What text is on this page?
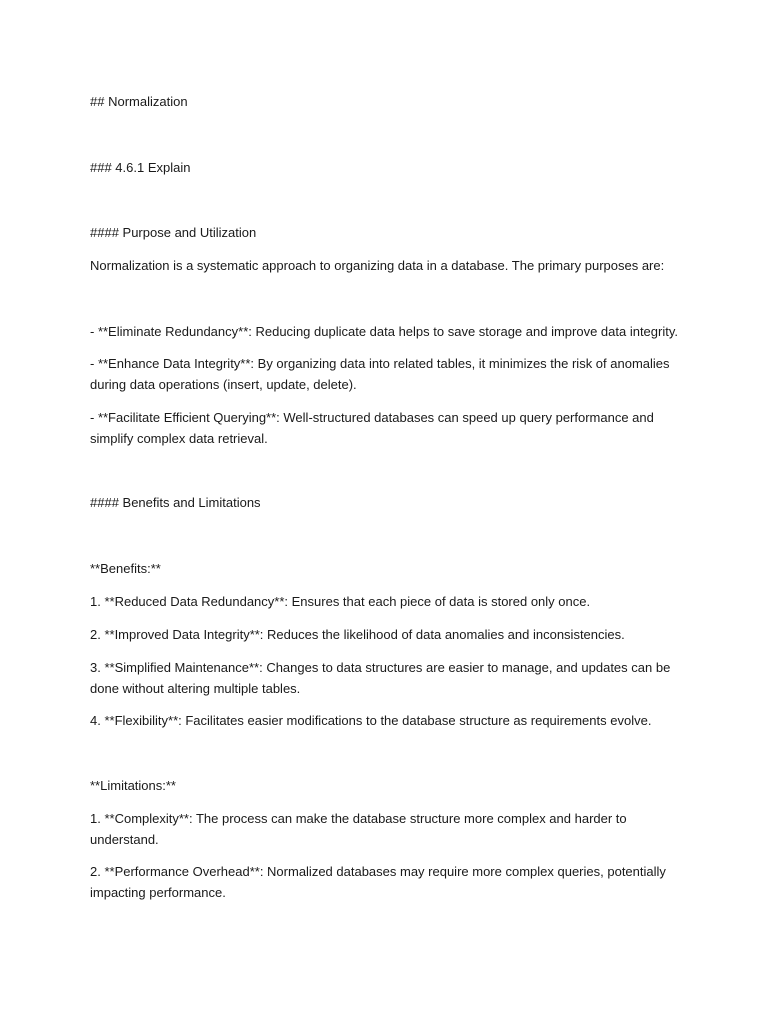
## Normalization

### 4.6.1 Explain

#### Purpose and Utilization

Normalization is a systematic approach to organizing data in a database. The primary purposes are:

- **Eliminate Redundancy**: Reducing duplicate data helps to save storage and improve data integrity.

- **Enhance Data Integrity**: By organizing data into related tables, it minimizes the risk of anomalies during data operations (insert, update, delete).

- **Facilitate Efficient Querying**: Well-structured databases can speed up query performance and simplify complex data retrieval.

#### Benefits and Limitations

**Benefits:**

1. **Reduced Data Redundancy**: Ensures that each piece of data is stored only once.

2. **Improved Data Integrity**: Reduces the likelihood of data anomalies and inconsistencies.

3. **Simplified Maintenance**: Changes to data structures are easier to manage, and updates can be done without altering multiple tables.

4. **Flexibility**: Facilitates easier modifications to the database structure as requirements evolve.

**Limitations:**

1. **Complexity**: The process can make the database structure more complex and harder to understand.

2. **Performance Overhead**: Normalized databases may require more complex queries, potentially impacting performance.
